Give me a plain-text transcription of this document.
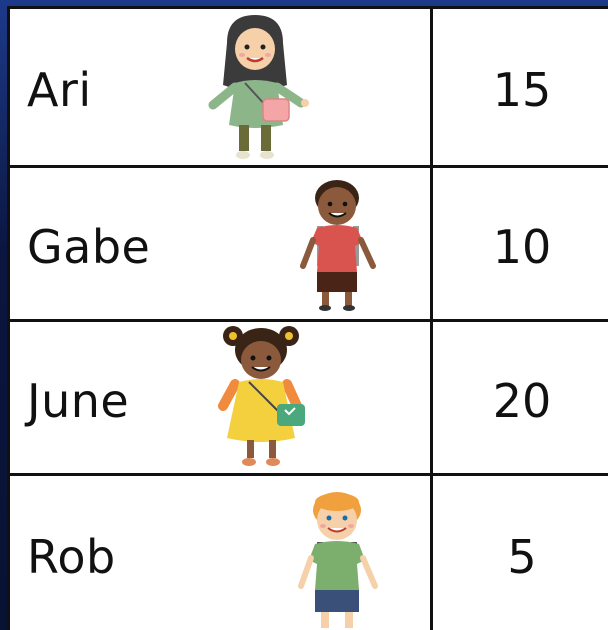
Ari	15
Gabe	10
June	20
Rob	5
